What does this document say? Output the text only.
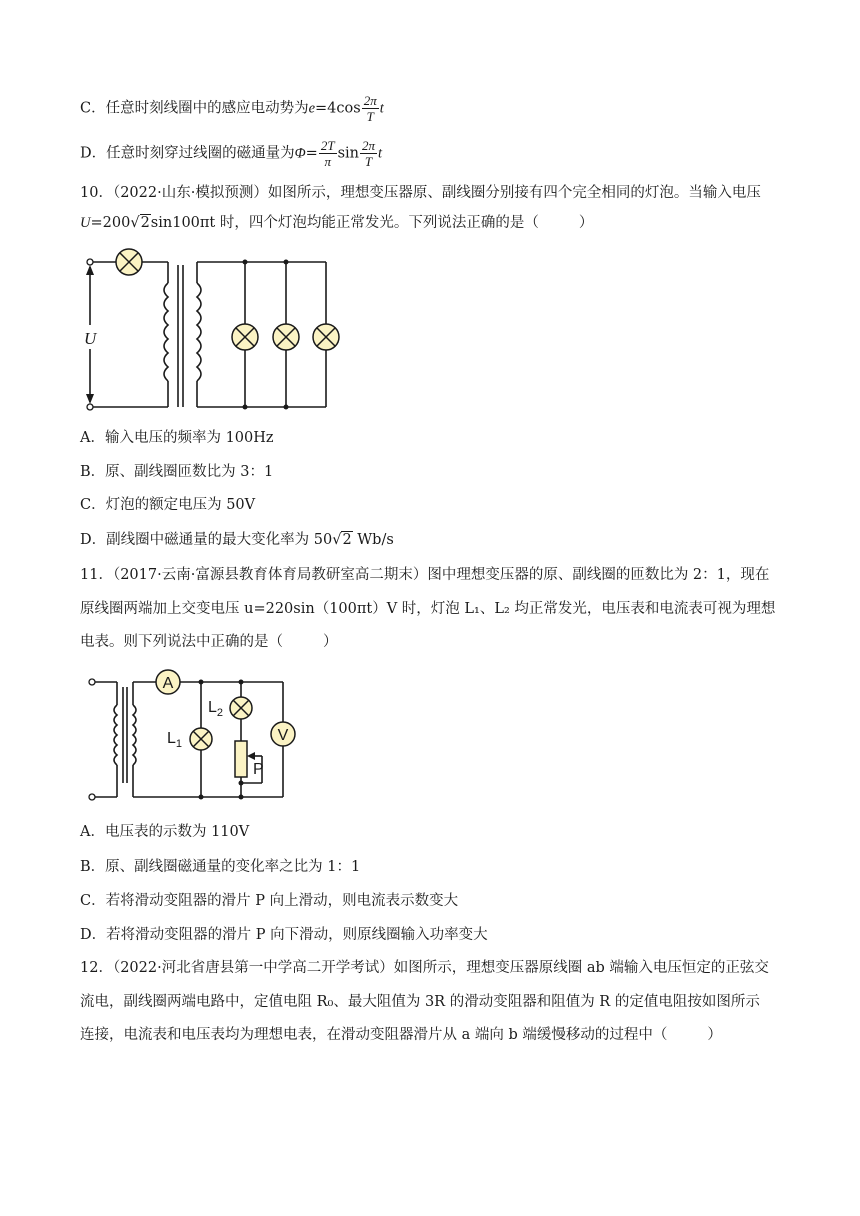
C．任意时刻线圈中的感应电动势为$e=4\cos \frac{2\pi}{T}$ t
D．任意时刻穿过线圈的磁通量为$\Phi= \frac{2T}{\pi}$ $\sin \frac{2\pi}{T}$ t
10．（2022·山东·模拟预测）如图所示，理想变压器原、副线圈分别接有四个完全相同的灯泡。当输入电压
U=200√2sin100πt 时，四个灯泡均能正常发光。下列说法正确的是（	）
U
A．输入电压的频率为 100Hz
B．原、副线圈匝数比为 3：1
C．灯泡的额定电压为 50V
D．副线圈中磁通量的最大变化率为 50√2 Wb/s
11．（2017·云南·富源县教育体育局教研室高二期末）图中理想变压器的原、副线圈的匝数比为 2：1，现在
原线圈两端加上交变电压 u=220sin（100πt）V 时，灯泡 L₁、L₂ 均正常发光，电压表和电流表可视为理想
电表。则下列说法中正确的是（	）
A
V
$L_2$
$L_1$
P
A．电压表的示数为 110V
B．原、副线圈磁通量的变化率之比为 1：1
C．若将滑动变阻器的滑片 P 向上滑动，则电流表示数变大
D．若将滑动变阻器的滑片 P 向下滑动，则原线圈输入功率变大
12．（2022·河北省唐县第一中学高二开学考试）如图所示，理想变压器原线圈 ab 端输入电压恒定的正弦交
流电，副线圈两端电路中，定值电阻 R₀、最大阻值为 3R 的滑动变阻器和阻值为 R 的定值电阻按如图所示
连接，电流表和电压表均为理想电表，在滑动变阻器滑片从 a 端向 b 端缓慢移动的过程中（	）
